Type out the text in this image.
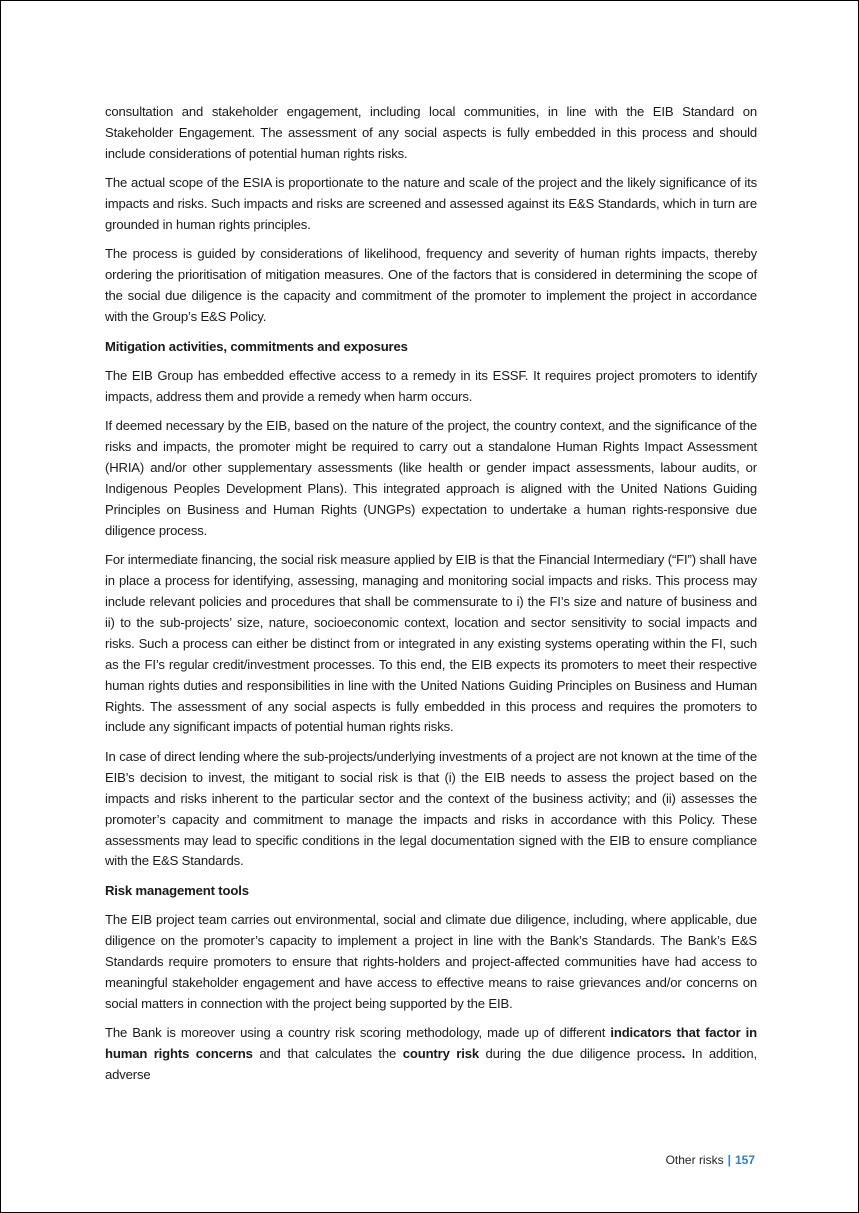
consultation and stakeholder engagement, including local communities, in line with the EIB Standard on Stakeholder Engagement. The assessment of any social aspects is fully embedded in this process and should include considerations of potential human rights risks.

The actual scope of the ESIA is proportionate to the nature and scale of the project and the likely significance of its impacts and risks. Such impacts and risks are screened and assessed against its E&S Standards, which in turn are grounded in human rights principles.

The process is guided by considerations of likelihood, frequency and severity of human rights impacts, thereby ordering the prioritisation of mitigation measures. One of the factors that is considered in determining the scope of the social due diligence is the capacity and commitment of the promoter to implement the project in accordance with the Group’s E&S Policy.

Mitigation activities, commitments and exposures

The EIB Group has embedded effective access to a remedy in its ESSF. It requires project promoters to identify impacts, address them and provide a remedy when harm occurs.

If deemed necessary by the EIB, based on the nature of the project, the country context, and the significance of the risks and impacts, the promoter might be required to carry out a standalone Human Rights Impact Assessment (HRIA) and/or other supplementary assessments (like health or gender impact assessments, labour audits, or Indigenous Peoples Development Plans). This integrated approach is aligned with the United Nations Guiding Principles on Business and Human Rights (UNGPs) expectation to undertake a human rights-responsive due diligence process.

For intermediate financing, the social risk measure applied by EIB is that the Financial Intermediary (“FI”) shall have in place a process for identifying, assessing, managing and monitoring social impacts and risks. This process may include relevant policies and procedures that shall be commensurate to i) the FI’s size and nature of business and ii) to the sub-projects’ size, nature, socioeconomic context, location and sector sensitivity to social impacts and risks. Such a process can either be distinct from or integrated in any existing systems operating within the FI, such as the FI’s regular credit/investment processes. To this end, the EIB expects its promoters to meet their respective human rights duties and responsibilities in line with the United Nations Guiding Principles on Business and Human Rights. The assessment of any social aspects is fully embedded in this process and requires the promoters to include any significant impacts of potential human rights risks.

In case of direct lending where the sub-projects/underlying investments of a project are not known at the time of the EIB’s decision to invest, the mitigant to social risk is that (i) the EIB needs to assess the project based on the impacts and risks inherent to the particular sector and the context of the business activity; and (ii) assesses the promoter’s capacity and commitment to manage the impacts and risks in accordance with this Policy. These assessments may lead to specific conditions in the legal documentation signed with the EIB to ensure compliance with the E&S Standards.

Risk management tools

The EIB project team carries out environmental, social and climate due diligence, including, where applicable, due diligence on the promoter’s capacity to implement a project in line with the Bank’s Standards. The Bank’s E&S Standards require promoters to ensure that rights-holders and project-affected communities have had access to meaningful stakeholder engagement and have access to effective means to raise grievances and/or concerns on social matters in connection with the project being supported by the EIB.

The Bank is moreover using a country risk scoring methodology, made up of different indicators that factor in human rights concerns and that calculates the country risk during the due diligence process. In addition, adverse

Other risks | 157
